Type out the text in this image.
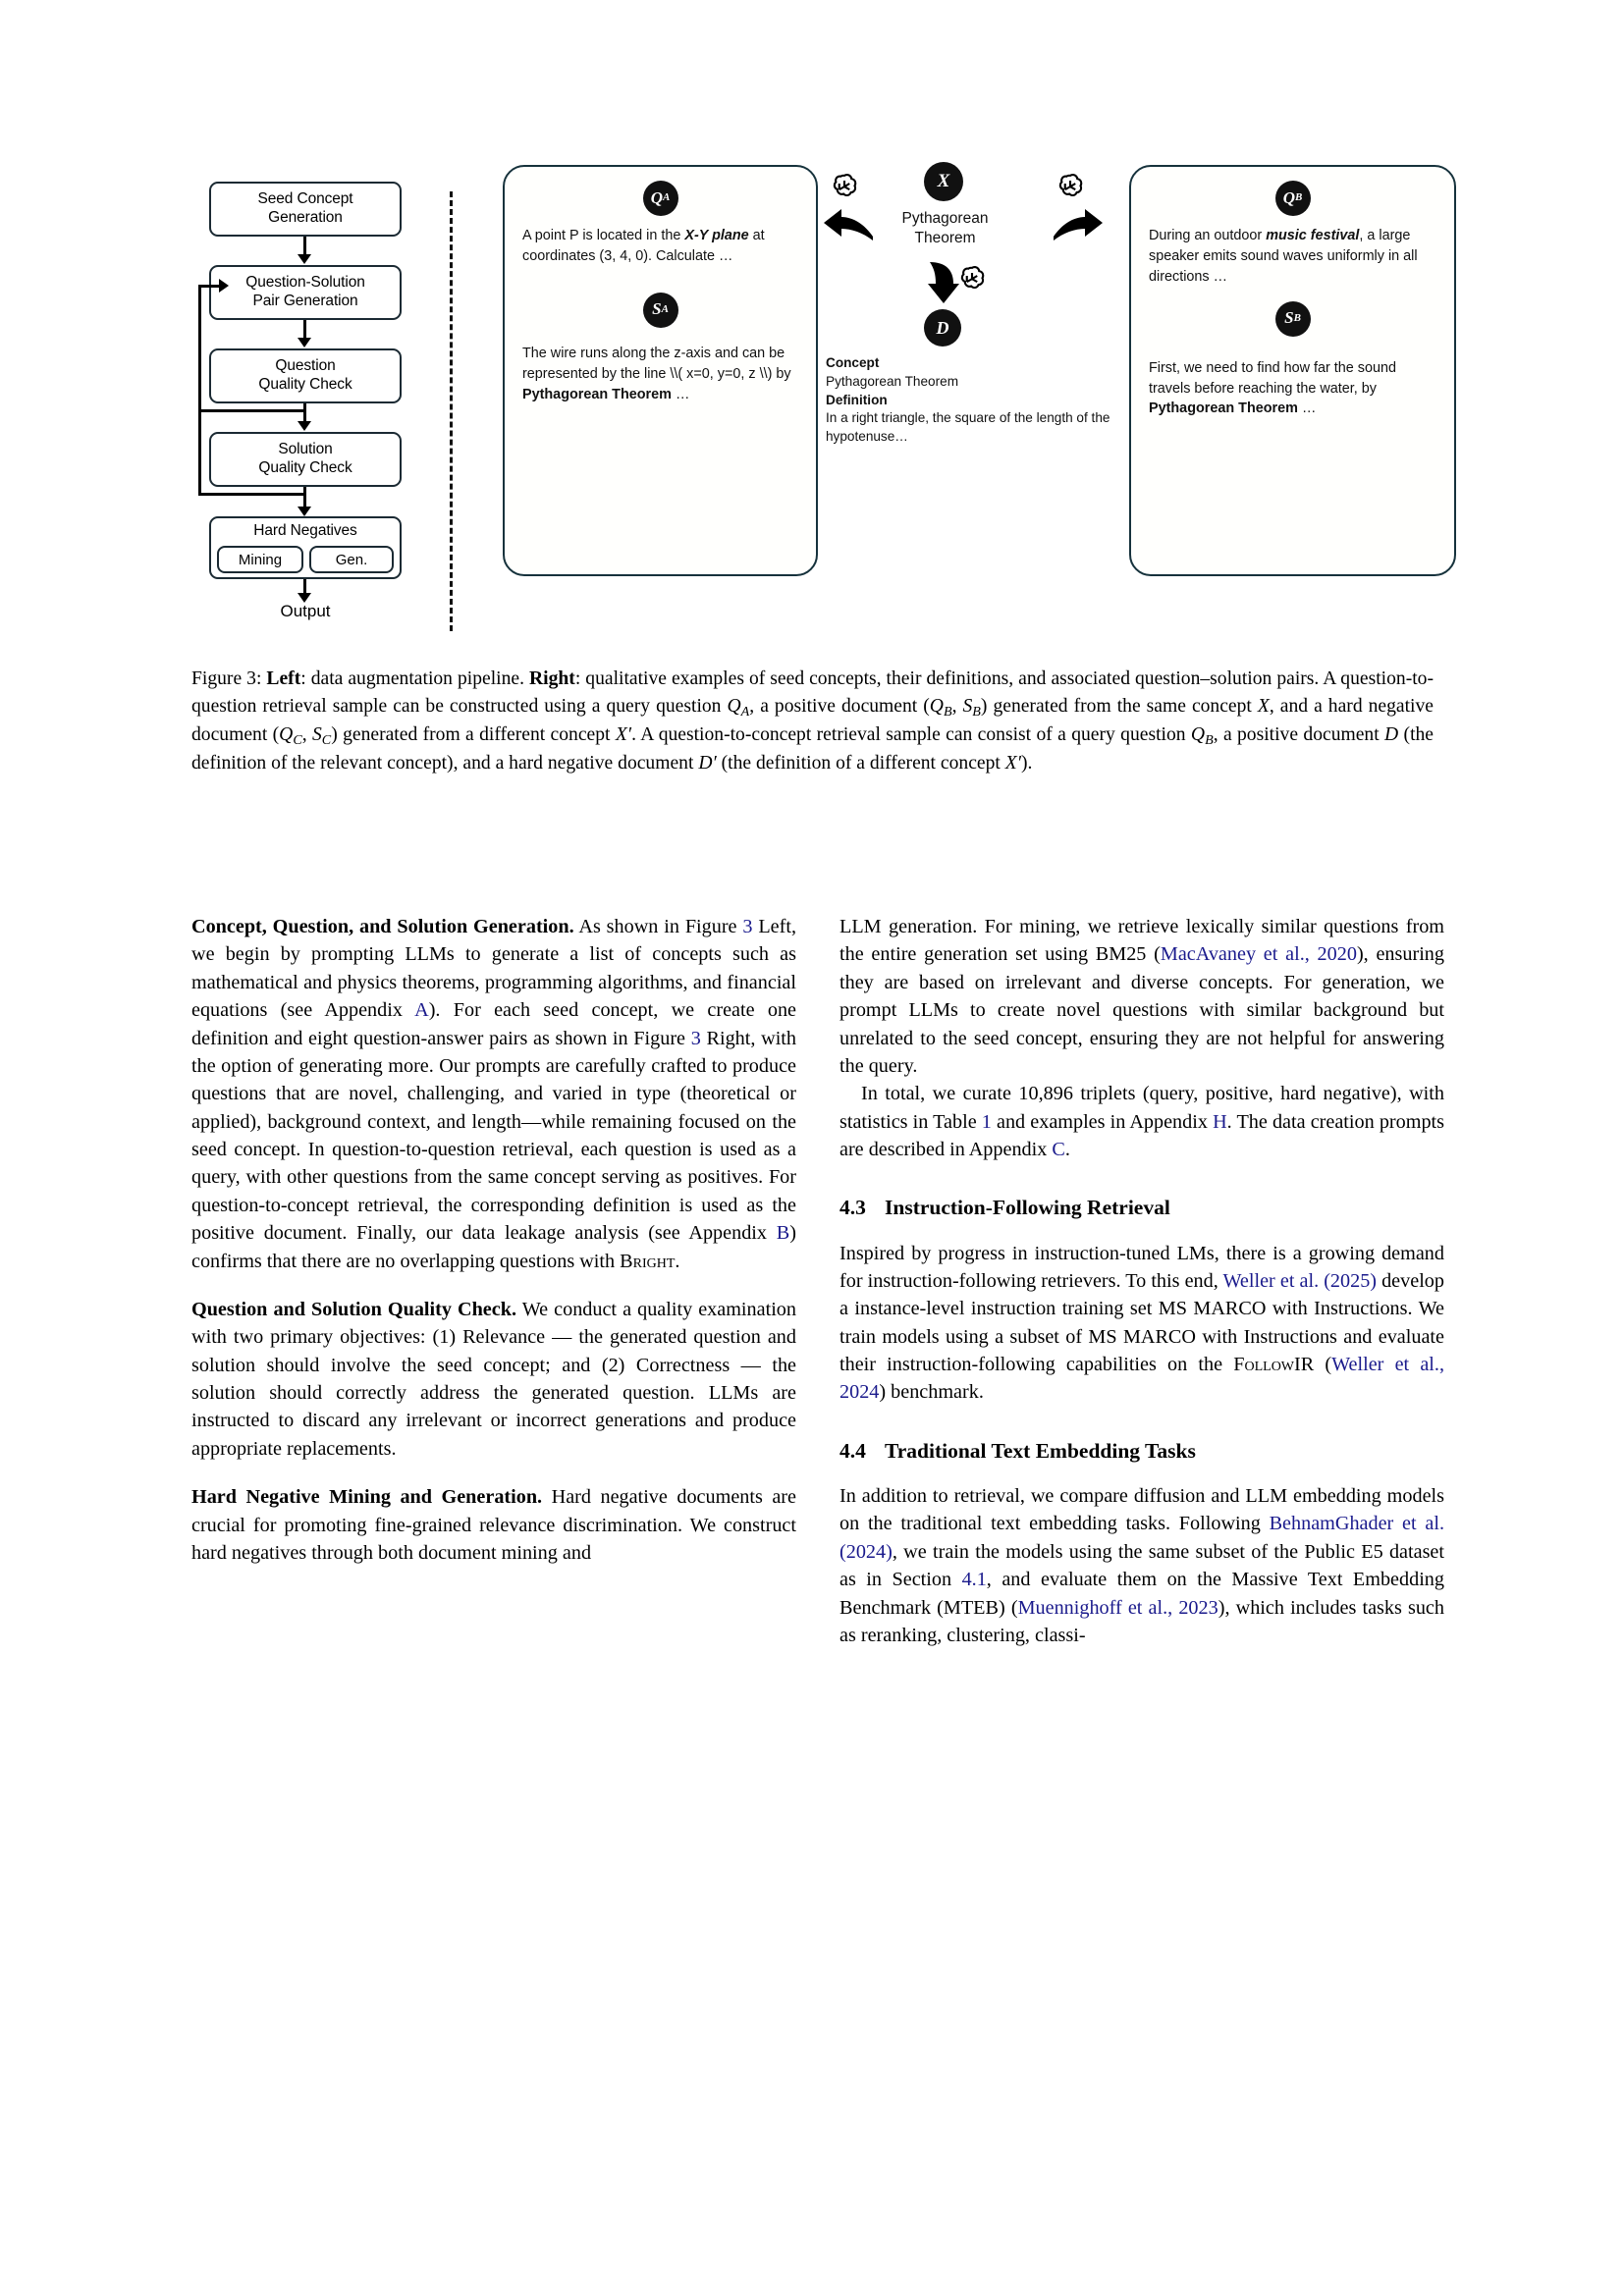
Seed Concept
Generation
Question-Solution
Pair Generation
Question
Quality Check
Solution
Quality Check
Hard Negatives
Mining	Gen.
Output
Q A

A point P is located in the X-Y plane at coordinates (3, 4, 0). Calculate …

S A

The wire runs along the z-axis and can be represented by the line \\( x=0, y=0, z \\) by Pythagorean Theorem …

X
Pythagorean
Theorem
D
Concept
Pythagorean Theorem
Definition
In a right triangle, the square of the length of the hypotenuse…
Q B

During an outdoor music festival, a large speaker emits sound waves uniformly in all directions …

S B

First, we need to find how far the sound travels before reaching the water, by Pythagorean Theorem …

Figure 3: Left: data augmentation pipeline. Right: qualitative examples of seed concepts, their definitions, and associated question–solution pairs. A question-to-question retrieval sample can be constructed using a query question $Q_A$, a positive document ($Q_B$, $S_B$) generated from the same concept X, and a hard negative document ($Q_C$, $S_C$) generated from a different concept X′. A question-to-concept retrieval sample can consist of a query question $Q_B$, a positive document D (the definition of the relevant concept), and a hard negative document D′ (the definition of a different concept X′).

Concept, Question, and Solution Generation. As shown in Figure 3 Left, we begin by prompting LLMs to generate a list of concepts such as mathematical and physics theorems, programming algorithms, and financial equations (see Appendix A). For each seed concept, we create one definition and eight question-answer pairs as shown in Figure 3 Right, with the option of generating more. Our prompts are carefully crafted to produce questions that are novel, challenging, and varied in type (theoretical or applied), background context, and length—while remaining focused on the seed concept. In question-to-question retrieval, each question is used as a query, with other questions from the same concept serving as positives. For question-to-concept retrieval, the corresponding definition is used as the positive document. Finally, our data leakage analysis (see Appendix B) confirms that there are no overlapping questions with Bright.

Question and Solution Quality Check. We conduct a quality examination with two primary objectives: (1) Relevance — the generated question and solution should involve the seed concept; and (2) Correctness — the solution should correctly address the generated question. LLMs are instructed to discard any irrelevant or incorrect generations and produce appropriate replacements.

Hard Negative Mining and Generation. Hard negative documents are crucial for promoting fine-grained relevance discrimination. We construct hard negatives through both document mining and

LLM generation. For mining, we retrieve lexically similar questions from the entire generation set using BM25 (MacAvaney et al., 2020), ensuring they are based on irrelevant and diverse concepts. For generation, we prompt LLMs to create novel questions with similar background but unrelated to the seed concept, ensuring they are not helpful for answering the query.

In total, we curate 10,896 triplets (query, positive, hard negative), with statistics in Table 1 and examples in Appendix H. The data creation prompts are described in Appendix C.

4.3 Instruction-Following Retrieval

Inspired by progress in instruction-tuned LMs, there is a growing demand for instruction-following retrievers. To this end, Weller et al. (2025) develop a instance-level instruction training set MS MARCO with Instructions. We train models using a subset of MS MARCO with Instructions and evaluate their instruction-following capabilities on the FollowIR (Weller et al., 2024) benchmark.

4.4 Traditional Text Embedding Tasks

In addition to retrieval, we compare diffusion and LLM embedding models on the traditional text embedding tasks. Following BehnamGhader et al. (2024), we train the models using the same subset of the Public E5 dataset as in Section 4.1, and evaluate them on the Massive Text Embedding Benchmark (MTEB) (Muennighoff et al., 2023), which includes tasks such as reranking, clustering, classi-
